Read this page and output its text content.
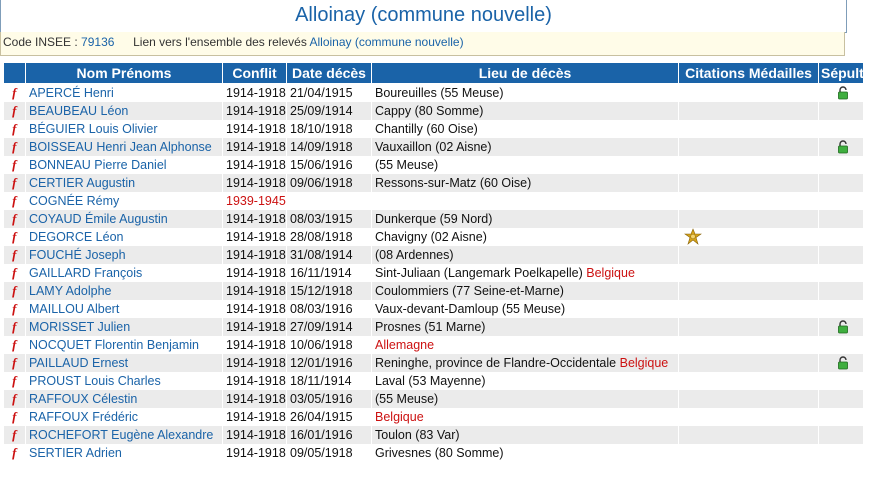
Alloinay (commune nouvelle)
Code INSEE : 79136 Lien vers l'ensemble des relevés Alloinay (commune nouvelle)
	Nom Prénoms	Conflit	Date décès	Lieu de décès	Citations Médailles	Sépulture
f	APERCÉ Henri	1914-1918	21/04/1915	Boureuilles (55 Meuse)		
f	BEAUBEAU Léon	1914-1918	25/09/1914	Cappy (80 Somme)		
f	BÉGUIER Louis Olivier	1914-1918	18/10/1918	Chantilly (60 Oise)		
f	BOISSEAU Henri Jean Alphonse	1914-1918	14/09/1918	Vauxaillon (02 Aisne)		
f	BONNEAU Pierre Daniel	1914-1918	15/06/1916	(55 Meuse)		
f	CERTIER Augustin	1914-1918	09/06/1918	Ressons-sur-Matz (60 Oise)		
f	COGNÉE Rémy	1939-1945				
f	COYAUD Émile Augustin	1914-1918	08/03/1915	Dunkerque (59 Nord)		
f	DEGORCE Léon	1914-1918	28/08/1918	Chavigny (02 Aisne)		
f	FOUCHÉ Joseph	1914-1918	31/08/1914	(08 Ardennes)		
f	GAILLARD François	1914-1918	16/11/1914	Sint-Juliaan (Langemark Poelkapelle) Belgique		
f	LAMY Adolphe	1914-1918	15/12/1918	Coulommiers (77 Seine-et-Marne)		
f	MAILLOU Albert	1914-1918	08/03/1916	Vaux-devant-Damloup (55 Meuse)		
f	MORISSET Julien	1914-1918	27/09/1914	Prosnes (51 Marne)		
f	NOCQUET Florentin Benjamin	1914-1918	10/06/1918	Allemagne		
f	PAILLAUD Ernest	1914-1918	12/01/1916	Reninghe, province de Flandre-Occidentale Belgique		
f	PROUST Louis Charles	1914-1918	18/11/1914	Laval (53 Mayenne)		
f	RAFFOUX Célestin	1914-1918	03/05/1916	(55 Meuse)		
f	RAFFOUX Frédéric	1914-1918	26/04/1915	Belgique		
f	ROCHEFORT Eugène Alexandre	1914-1918	16/01/1916	Toulon (83 Var)		
f	SERTIER Adrien	1914-1918	09/05/1918	Grivesnes (80 Somme)		
